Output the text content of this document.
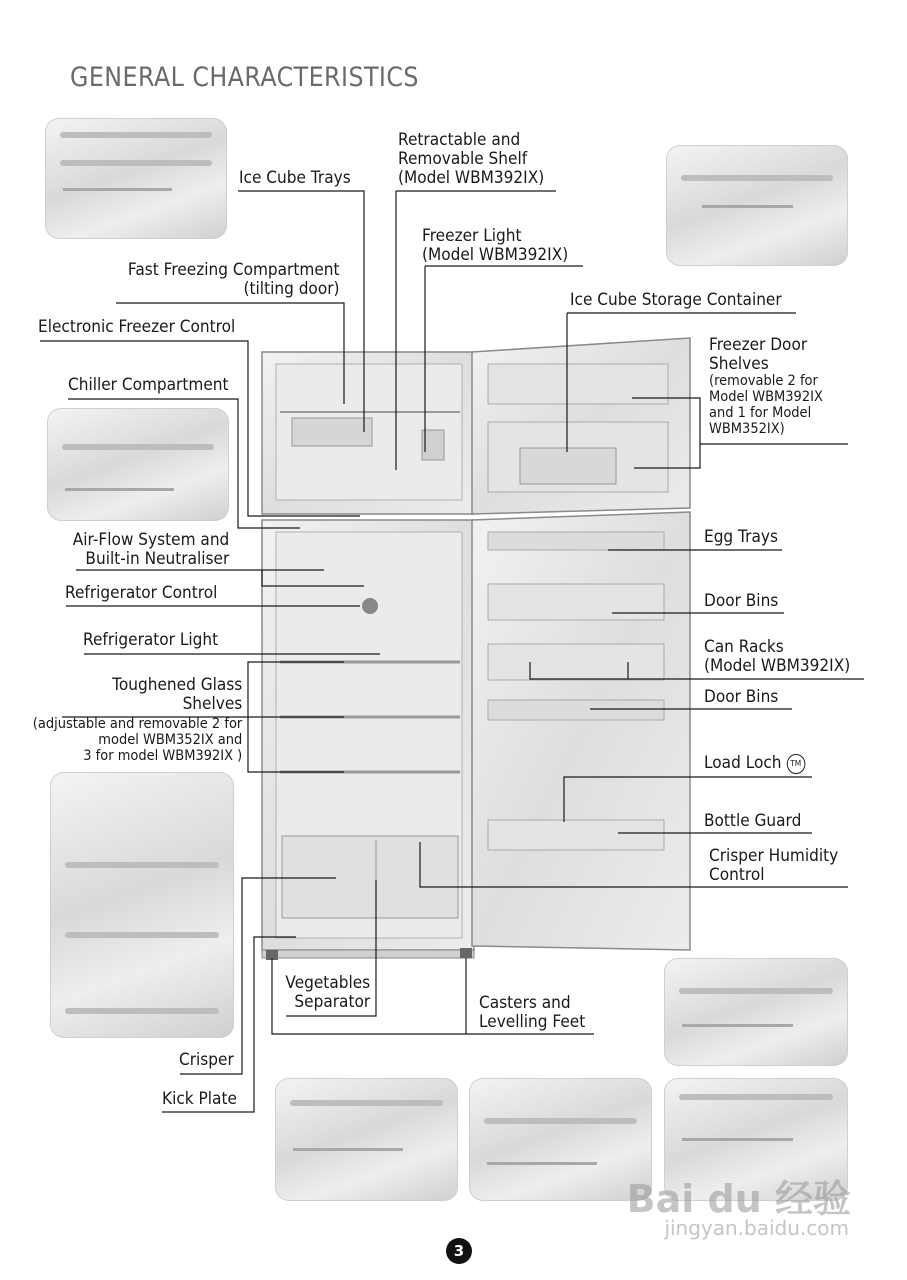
GENERAL CHARACTERISTICS
Ice Cube Trays
Retractable and
Removable Shelf
(Model WBM392IX)
Freezer Light
(Model WBM392IX)
Fast Freezing Compartment
(tilting door)
Ice Cube Storage Container
Electronic Freezer Control
Freezer Door
Shelves
(removable 2 for
Model WBM392IX
and 1 for Model
WBM352IX)
Chiller Compartment
Air-Flow System and
Built-in Neutraliser
Egg Trays
Refrigerator Control	Door Bins
Refrigerator Light	Can Racks
(Model WBM392IX)
Toughened Glass
Shelves
(adjustable and removable 2 for
model WBM352IX and
3 for model WBM392IX )
Door Bins
Load Loch TM
Bottle Guard
Crisper Humidity
Control
Vegetables
Separator	Casters and
Levelling Feet
Crisper
Kick Plate
Bai du 经验
jingyan.baidu.com
3
